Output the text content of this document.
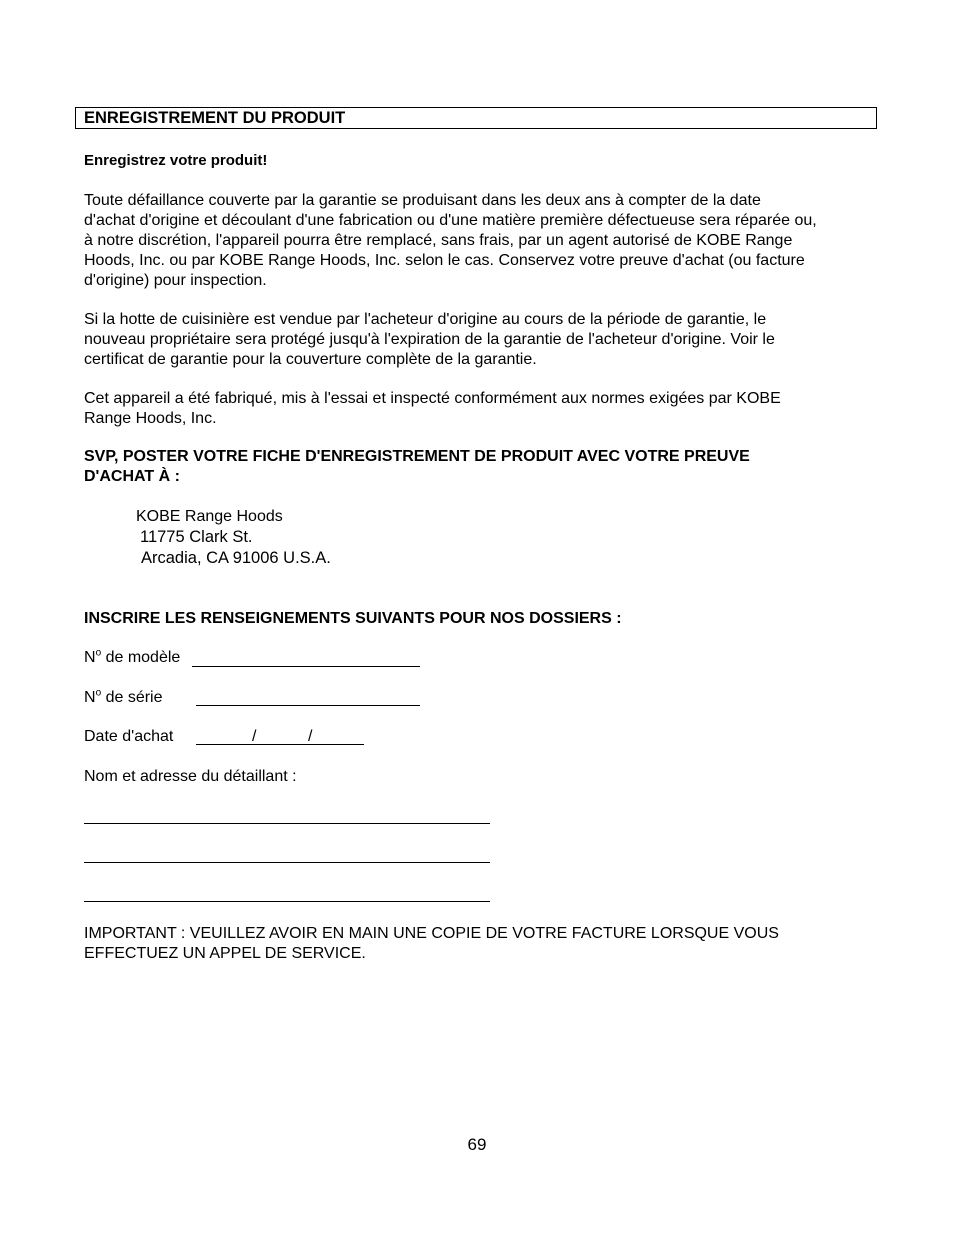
ENREGISTREMENT DU PRODUIT
Enregistrez votre produit!
Toute défaillance couverte par la garantie se produisant dans les deux ans à compter de la date
d'achat d'origine et découlant d'une fabrication ou d'une matière première défectueuse sera réparée ou,
à notre discrétion, l'appareil pourra être remplacé, sans frais, par un agent autorisé de KOBE Range
Hoods, Inc. ou par KOBE Range Hoods, Inc. selon le cas. Conservez votre preuve d'achat (ou facture
d'origine) pour inspection.
Si la hotte de cuisinière est vendue par l'acheteur d'origine au cours de la période de garantie, le
nouveau propriétaire sera protégé jusqu'à l'expiration de la garantie de l'acheteur d'origine. Voir le
certificat de garantie pour la couverture complète de la garantie.
Cet appareil a été fabriqué, mis à l'essai et inspecté conformément aux normes exigées par KOBE
Range Hoods, Inc.
SVP, POSTER VOTRE FICHE D'ENREGISTREMENT DE PRODUIT AVEC VOTRE PREUVE
D'ACHAT À :
KOBE Range Hoods
11775 Clark St.
Arcadia, CA 91006 U.S.A.
INSCRIRE LES RENSEIGNEMENTS SUIVANTS POUR NOS DOSSIERS :
$N^o$ de modèle
$N^o$ de série
Date d'achat	/	/
Nom et adresse du détaillant :
IMPORTANT : VEUILLEZ AVOIR EN MAIN UNE COPIE DE VOTRE FACTURE LORSQUE VOUS
EFFECTUEZ UN APPEL DE SERVICE.
69
